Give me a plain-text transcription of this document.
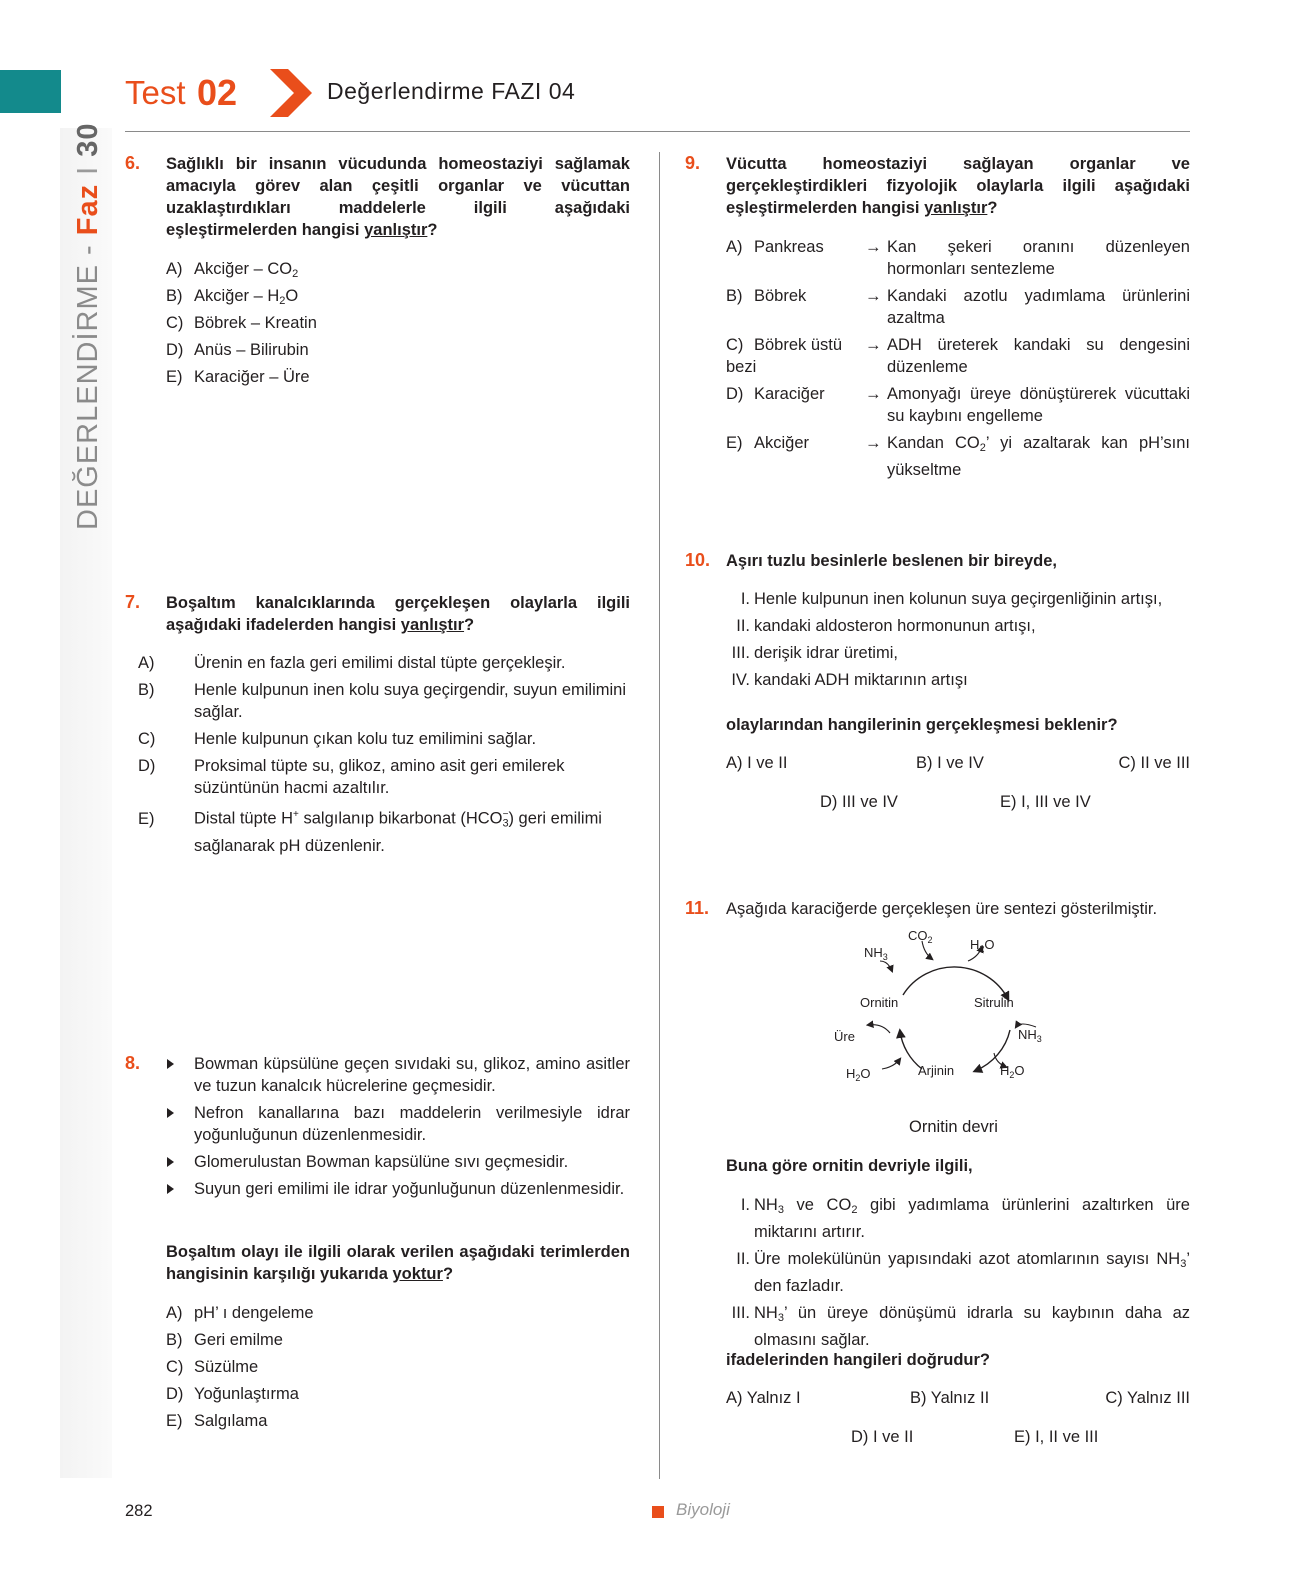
Test 02	Değerlendirme FAZI 04
DEĞERLENDİRME - Faz I 30
6. Sağlıklı bir insanın vücudunda homeostaziyi sağlamak amacıyla görev alan çeşitli organlar ve vücuttan uzaklaştırdıkları maddelerle ilgili aşağıdaki eşleştirmelerden hangisi yanlıştır?
A) Akciğer – $CO_2$
B) Akciğer – $H_2O$
C) Böbrek – Kreatin
D) Anüs – Bilirubin
E) Karaciğer – Üre
7. Boşaltım kanalcıklarında gerçekleşen olaylarla ilgili aşağıdaki ifadelerden hangisi yanlıştır?
A) Ürenin en fazla geri emilimi distal tüpte gerçekleşir.
B) Henle kulpunun inen kolu suya geçirgendir, suyun emilimini sağlar.
C) Henle kulpunun çıkan kolu tuz emilimini sağlar.
D) Proksimal tüpte su, glikoz, amino asit geri emilerek süzüntünün hacmi azaltılır.
E) Distal tüpte H+ salgılanıp bikarbonat $(HCO_3^-)$ geri emilimi sağlanarak pH düzenlenir.
8.	Bowman küpsülüne geçen sıvıdaki su, glikoz, amino asitler ve tuzun kanalcık hücrelerine geçmesidir.
Nefron kanallarına bazı maddelerin verilmesiyle idrar yoğunluğunun düzenlenmesidir.
Glomerulustan Bowman kapsülüne sıvı geçmesidir.
Suyun geri emilimi ile idrar yoğunluğunun düzenlenmesidir.
Boşaltım olayı ile ilgili olarak verilen aşağıdaki terimlerden hangisinin karşılığı yukarıda yoktur?
A) pH’ ı dengeleme
B) Geri emilme
C) Süzülme
D) Yoğunlaştırma
E) Salgılama
9. Vücutta homeostaziyi sağlayan organlar ve gerçekleştirdikleri fizyolojik olaylarla ilgili aşağıdaki eşleştirmelerden hangisi yanlıştır?
A) Pankreas	→ Kan şekeri oranını düzenleyen hormonları sentezleme
B) Böbrek	→ Kandaki azotlu yadımlama ürünlerini azaltma
C) Böbrek üstü bezi
→ ADH üreterek kandaki su dengesini düzenleme
D) Karaciğer → Amonyağı üreye dönüştürerek vücuttaki su kaybını engelleme
E) Akciğer	→ Kandan $CO_2$’ yi azaltarak kan pH’sını yükseltme
10. Aşırı tuzlu besinlerle beslenen bir bireyde,
I. Henle kulpunun inen kolunun suya geçirgenliğinin artışı,
II. kandaki aldosteron hormonunun artışı,
III. derişik idrar üretimi,
IV. kandaki ADH miktarının artışı
olaylarından hangilerinin gerçekleşmesi beklenir?
A) I ve II	B) I ve IV	C) II ve III
D) III ve IV	E) I, III ve IV
11. Aşağıda karaciğerde gerçekleşen üre sentezi gösterilmiştir.
$NH_3$
$CO_2$	$H_2O$
Ornitin	Sitrulin
$NH_3$
Üre
$H_2O$	Arjinin	$H_2O$
Ornitin devri
Buna göre ornitin devriyle ilgili,
I. $NH_3$ ve $CO_2$ gibi yadımlama ürünlerini azaltırken üre miktarını artırır.
II. Üre molekülünün yapısındaki azot atomlarının sayısı $NH_3$’ den fazladır.
III. $NH_3$’ ün üreye dönüşümü idrarla su kaybının daha az olmasını sağlar.
ifadelerinden hangileri doğrudur?
A) Yalnız I	B) Yalnız II	C) Yalnız III
D) I ve II	E) I, II ve III
282	Biyoloji
